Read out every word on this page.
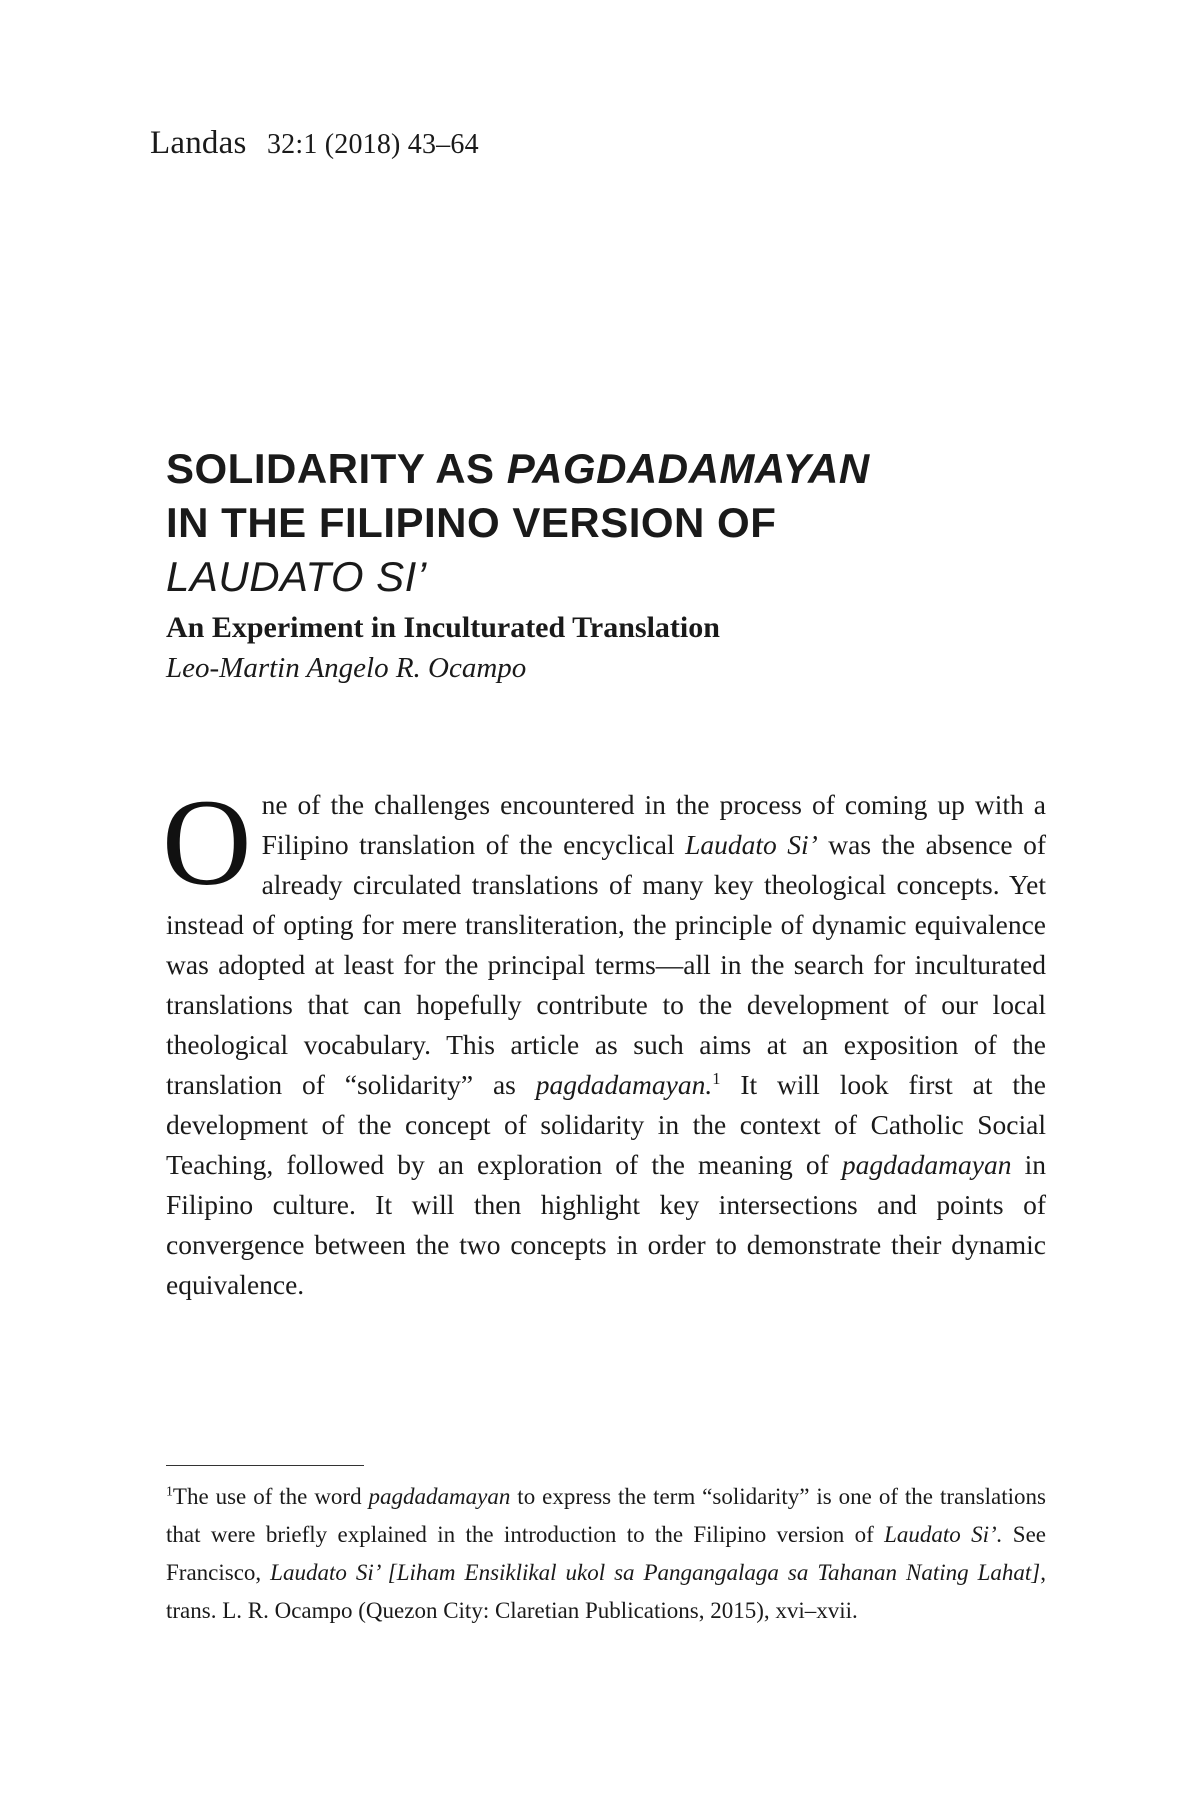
Landas 32:1 (2018) 43–64
SOLIDARITY AS PAGDADAMAYAN
IN THE FILIPINO VERSION OF
LAUDATO SI’
An Experiment in Inculturated Translation
Leo-Martin Angelo R. Ocampo
One of the challenges encountered in the process of coming up with a Filipino translation of the encyclical Laudato Si’ was the absence of already circulated translations of many key theological concepts. Yet instead of opting for mere transliteration, the principle of dynamic equivalence was adopted at least for the principal terms—all in the search for inculturated translations that can hopefully contribute to the development of our local theological vocabulary. This article as such aims at an exposition of the translation of “solidarity” as pagdadamayan.$^1$ It will look first at the development of the concept of solidarity in the context of Catholic Social Teaching, followed by an exploration of the meaning of pagdadamayan in Filipino culture. It will then highlight key intersections and points of convergence between the two concepts in order to demonstrate their dynamic equivalence.
$^1$The use of the word pagdadamayan to express the term “solidarity” is one of the translations that were briefly explained in the introduction to the Filipino version of Laudato Si’. See Francisco, Laudato Si’ [Liham Ensiklikal ukol sa Pangangalaga sa Tahanan Nating Lahat], trans. L. R. Ocampo (Quezon City: Claretian Publications, 2015), xvi–xvii.
